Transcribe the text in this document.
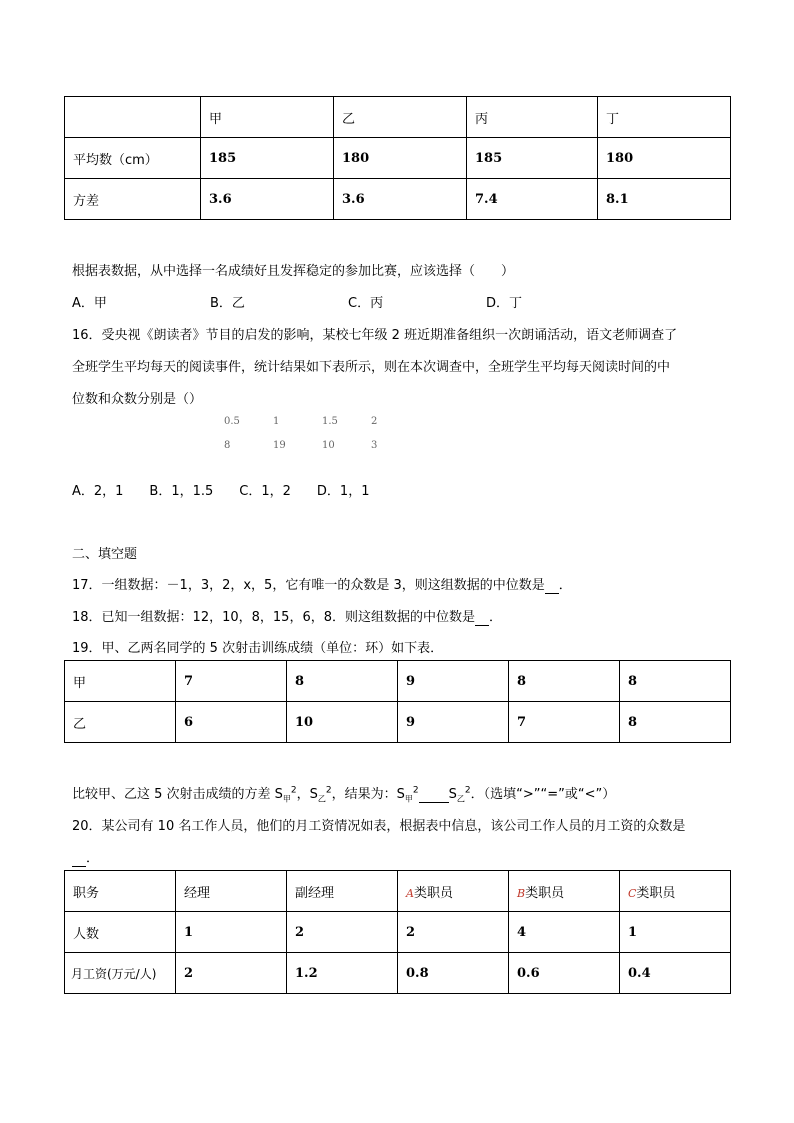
	甲	乙	丙	丁
平均数（cm）	185	180	185	180
方差	3.6	3.6	7.4	8.1
根据表数据，从中选择一名成绩好且发挥稳定的参加比赛，应该选择（　　）
A．甲	B．乙	C．丙	D．丁
16．受央视《朗读者》节目的启发的影响，某校七年级 2 班近期准备组织一次朗诵活动，语文老师调查了
全班学生平均每天的阅读事件，统计结果如下表所示，则在本次调查中，全班学生平均每天阅读时间的中
位数和众数分别是（）
0.5	1	1.5	2
8	19	10	3
A．2，1　　B．1，1.5　　C．1，2　　D．1，1
二、填空题
17．一组数据：－1，3，2，x，5，它有唯一的众数是 3，则这组数据的中位数是 ．
18．已知一组数据：12，10，8，15，6，8．则这组数据的中位数是 ．
19．甲、乙两名同学的 5 次射击训练成绩（单位：环）如下表．
甲	7	8	9	8	8
乙	6	10	9	7	8
比较甲、乙这 5 次射击成绩的方差 $S_甲^2$，$S_乙^2$，结果为：$S_甲^2$ $S_乙^2$．（选填“>”“=”或“<”）
20．某公司有 10 名工作人员，他们的月工资情况如表，根据表中信息，该公司工作人员的月工资的众数是
．
职务	经理	副经理	A类职员	B类职员	C类职员
人数	1	2	2	4	1
月工资(万元/人)	2	1.2	0.8	0.6	0.4
